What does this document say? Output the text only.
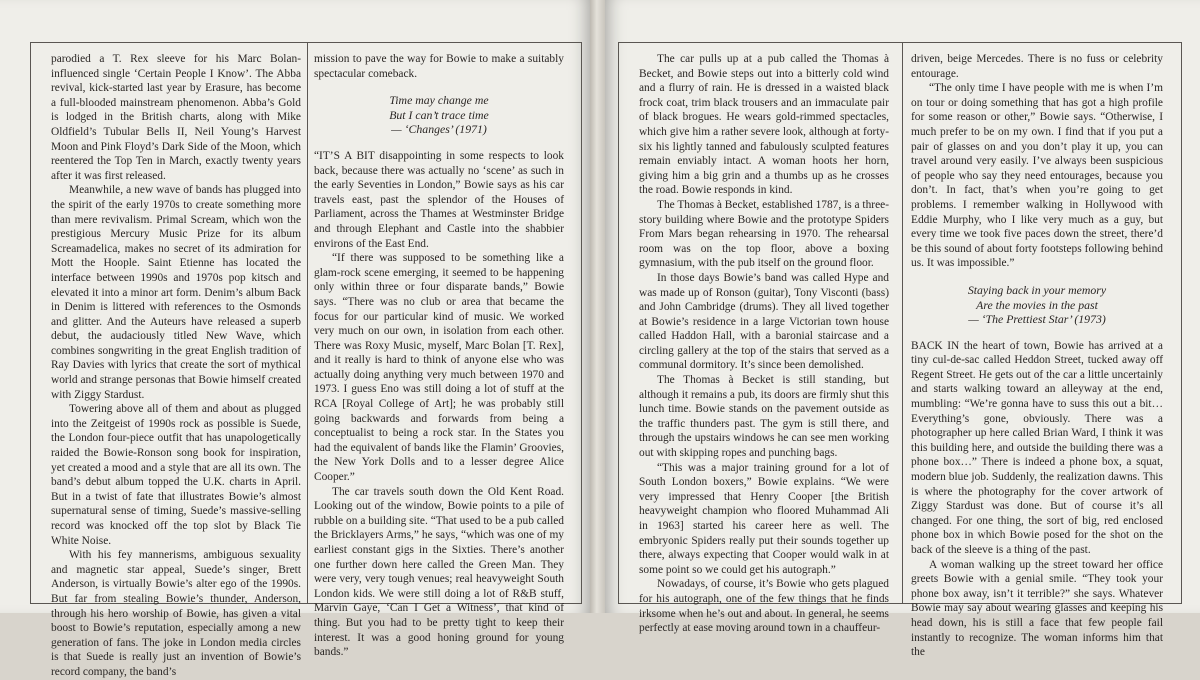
parodied a T. Rex sleeve for his Marc Bolan-influenced single ‘Certain People I Know’. The Abba revival, kick-started last year by Erasure, has become a full-blooded mainstream phenomenon. Abba’s Gold is lodged in the British charts, along with Mike Oldfield’s Tubular Bells II, Neil Young’s Harvest Moon and Pink Floyd’s Dark Side of the Moon, which reentered the Top Ten in March, exactly twenty years after it was first released.

Meanwhile, a new wave of bands has plugged into the spirit of the early 1970s to create something more than mere revivalism. Primal Scream, which won the prestigious Mercury Music Prize for its album Screamadelica, makes no secret of its admiration for Mott the Hoople. Saint Etienne has located the interface between 1990s and 1970s pop kitsch and elevated it into a minor art form. Denim’s album Back in Denim is littered with references to the Osmonds and glitter. And the Auteurs have released a superb debut, the audaciously titled New Wave, which combines songwriting in the great English tradition of Ray Davies with lyrics that create the sort of mythical world and strange personas that Bowie himself created with Ziggy Stardust.

Towering above all of them and about as plugged into the Zeitgeist of 1990s rock as possible is Suede, the London four-piece outfit that has unapologetically raided the Bowie-Ronson song book for inspiration, yet created a mood and a style that are all its own. The band’s debut album topped the U.K. charts in April. But in a twist of fate that illustrates Bowie’s almost supernatural sense of timing, Suede’s massive-selling record was knocked off the top slot by Black Tie White Noise.

With his fey mannerisms, ambiguous sexuality and magnetic star appeal, Suede’s singer, Brett Anderson, is virtually Bowie’s alter ego of the 1990s. But far from stealing Bowie’s thunder, Anderson, through his hero worship of Bowie, has given a vital boost to Bowie’s reputation, especially among a new generation of fans. The joke in London media circles is that Suede is really just an invention of Bowie’s record company, the band’s

mission to pave the way for Bowie to make a suitably spectacular comeback.

Time may change me
But I can’t trace time
— ‘Changes’ (1971)

“IT’S A BIT disappointing in some respects to look back, because there was actually no ‘scene’ as such in the early Seventies in London,” Bowie says as his car travels east, past the splendor of the Houses of Parliament, across the Thames at Westminster Bridge and through Elephant and Castle into the shabbier environs of the East End.

“If there was supposed to be something like a glam-rock scene emerging, it seemed to be happening only within three or four disparate bands,” Bowie says. “There was no club or area that became the focus for our particular kind of music. We worked very much on our own, in isolation from each other. There was Roxy Music, myself, Marc Bolan [T. Rex], and it really is hard to think of anyone else who was actually doing anything very much between 1970 and 1973. I guess Eno was still doing a lot of stuff at the RCA [Royal College of Art]; he was probably still going backwards and forwards from being a conceptualist to being a rock star. In the States you had the equivalent of bands like the Flamin’ Groovies, the New York Dolls and to a lesser degree Alice Cooper.”

The car travels south down the Old Kent Road. Looking out of the window, Bowie points to a pile of rubble on a building site. “That used to be a pub called the Bricklayers Arms,” he says, “which was one of my earliest constant gigs in the Sixties. There’s another one further down here called the Green Man. They were very, very tough venues; real heavyweight South London kids. We were still doing a lot of R&B stuff, Marvin Gaye, ‘Can I Get a Witness’, that kind of thing. But you had to be pretty tight to keep their interest. It was a good honing ground for young bands.”

The car pulls up at a pub called the Thomas à Becket, and Bowie steps out into a bitterly cold wind and a flurry of rain. He is dressed in a waisted black frock coat, trim black trousers and an immaculate pair of black brogues. He wears gold-rimmed spectacles, which give him a rather severe look, although at forty-six his lightly tanned and fabulously sculpted features remain enviably intact. A woman hoots her horn, giving him a big grin and a thumbs up as he crosses the road. Bowie responds in kind.

The Thomas à Becket, established 1787, is a three-story building where Bowie and the prototype Spiders From Mars began rehearsing in 1970. The rehearsal room was on the top floor, above a boxing gymnasium, with the pub itself on the ground floor.

In those days Bowie’s band was called Hype and was made up of Ronson (guitar), Tony Visconti (bass) and John Cambridge (drums). They all lived together at Bowie’s residence in a large Victorian town house called Haddon Hall, with a baronial staircase and a circling gallery at the top of the stairs that served as a communal dormitory. It’s since been demolished.

The Thomas à Becket is still standing, but although it remains a pub, its doors are firmly shut this lunch time. Bowie stands on the pavement outside as the traffic thunders past. The gym is still there, and through the upstairs windows he can see men working out with skipping ropes and punching bags.

“This was a major training ground for a lot of South London boxers,” Bowie explains. “We were very impressed that Henry Cooper [the British heavyweight champion who floored Muhammad Ali in 1963] started his career here as well. The embryonic Spiders really put their sounds together up there, always expecting that Cooper would walk in at some point so we could get his autograph.”

Nowadays, of course, it’s Bowie who gets plagued for his autograph, one of the few things that he finds irksome when he’s out and about. In general, he seems perfectly at ease moving around town in a chauffeur-

driven, beige Mercedes. There is no fuss or celebrity entourage.

“The only time I have people with me is when I’m on tour or doing something that has got a high profile for some reason or other,” Bowie says. “Otherwise, I much prefer to be on my own. I find that if you put a pair of glasses on and you don’t play it up, you can travel around very easily. I’ve always been suspicious of people who say they need entourages, because you don’t. In fact, that’s when you’re going to get problems. I remember walking in Hollywood with Eddie Murphy, who I like very much as a guy, but every time we took five paces down the street, there’d be this sound of about forty footsteps following behind us. It was impossible.”

Staying back in your memory
Are the movies in the past
— ‘The Prettiest Star’ (1973)

BACK IN the heart of town, Bowie has arrived at a tiny cul-de-sac called Heddon Street, tucked away off Regent Street. He gets out of the car a little uncertainly and starts walking toward an alleyway at the end, mumbling: “We’re gonna have to suss this out a bit… Everything’s gone, obviously. There was a photographer up here called Brian Ward, I think it was this building here, and outside the building there was a phone box…” There is indeed a phone box, a squat, modern blue job. Suddenly, the realization dawns. This is where the photography for the cover artwork of Ziggy Stardust was done. But of course it’s all changed. For one thing, the sort of big, red enclosed phone box in which Bowie posed for the shot on the back of the sleeve is a thing of the past.

A woman walking up the street toward her office greets Bowie with a genial smile. “They took your phone box away, isn’t it terrible?” she says. Whatever Bowie may say about wearing glasses and keeping his head down, his is still a face that few people fail instantly to recognize. The woman informs him that the
